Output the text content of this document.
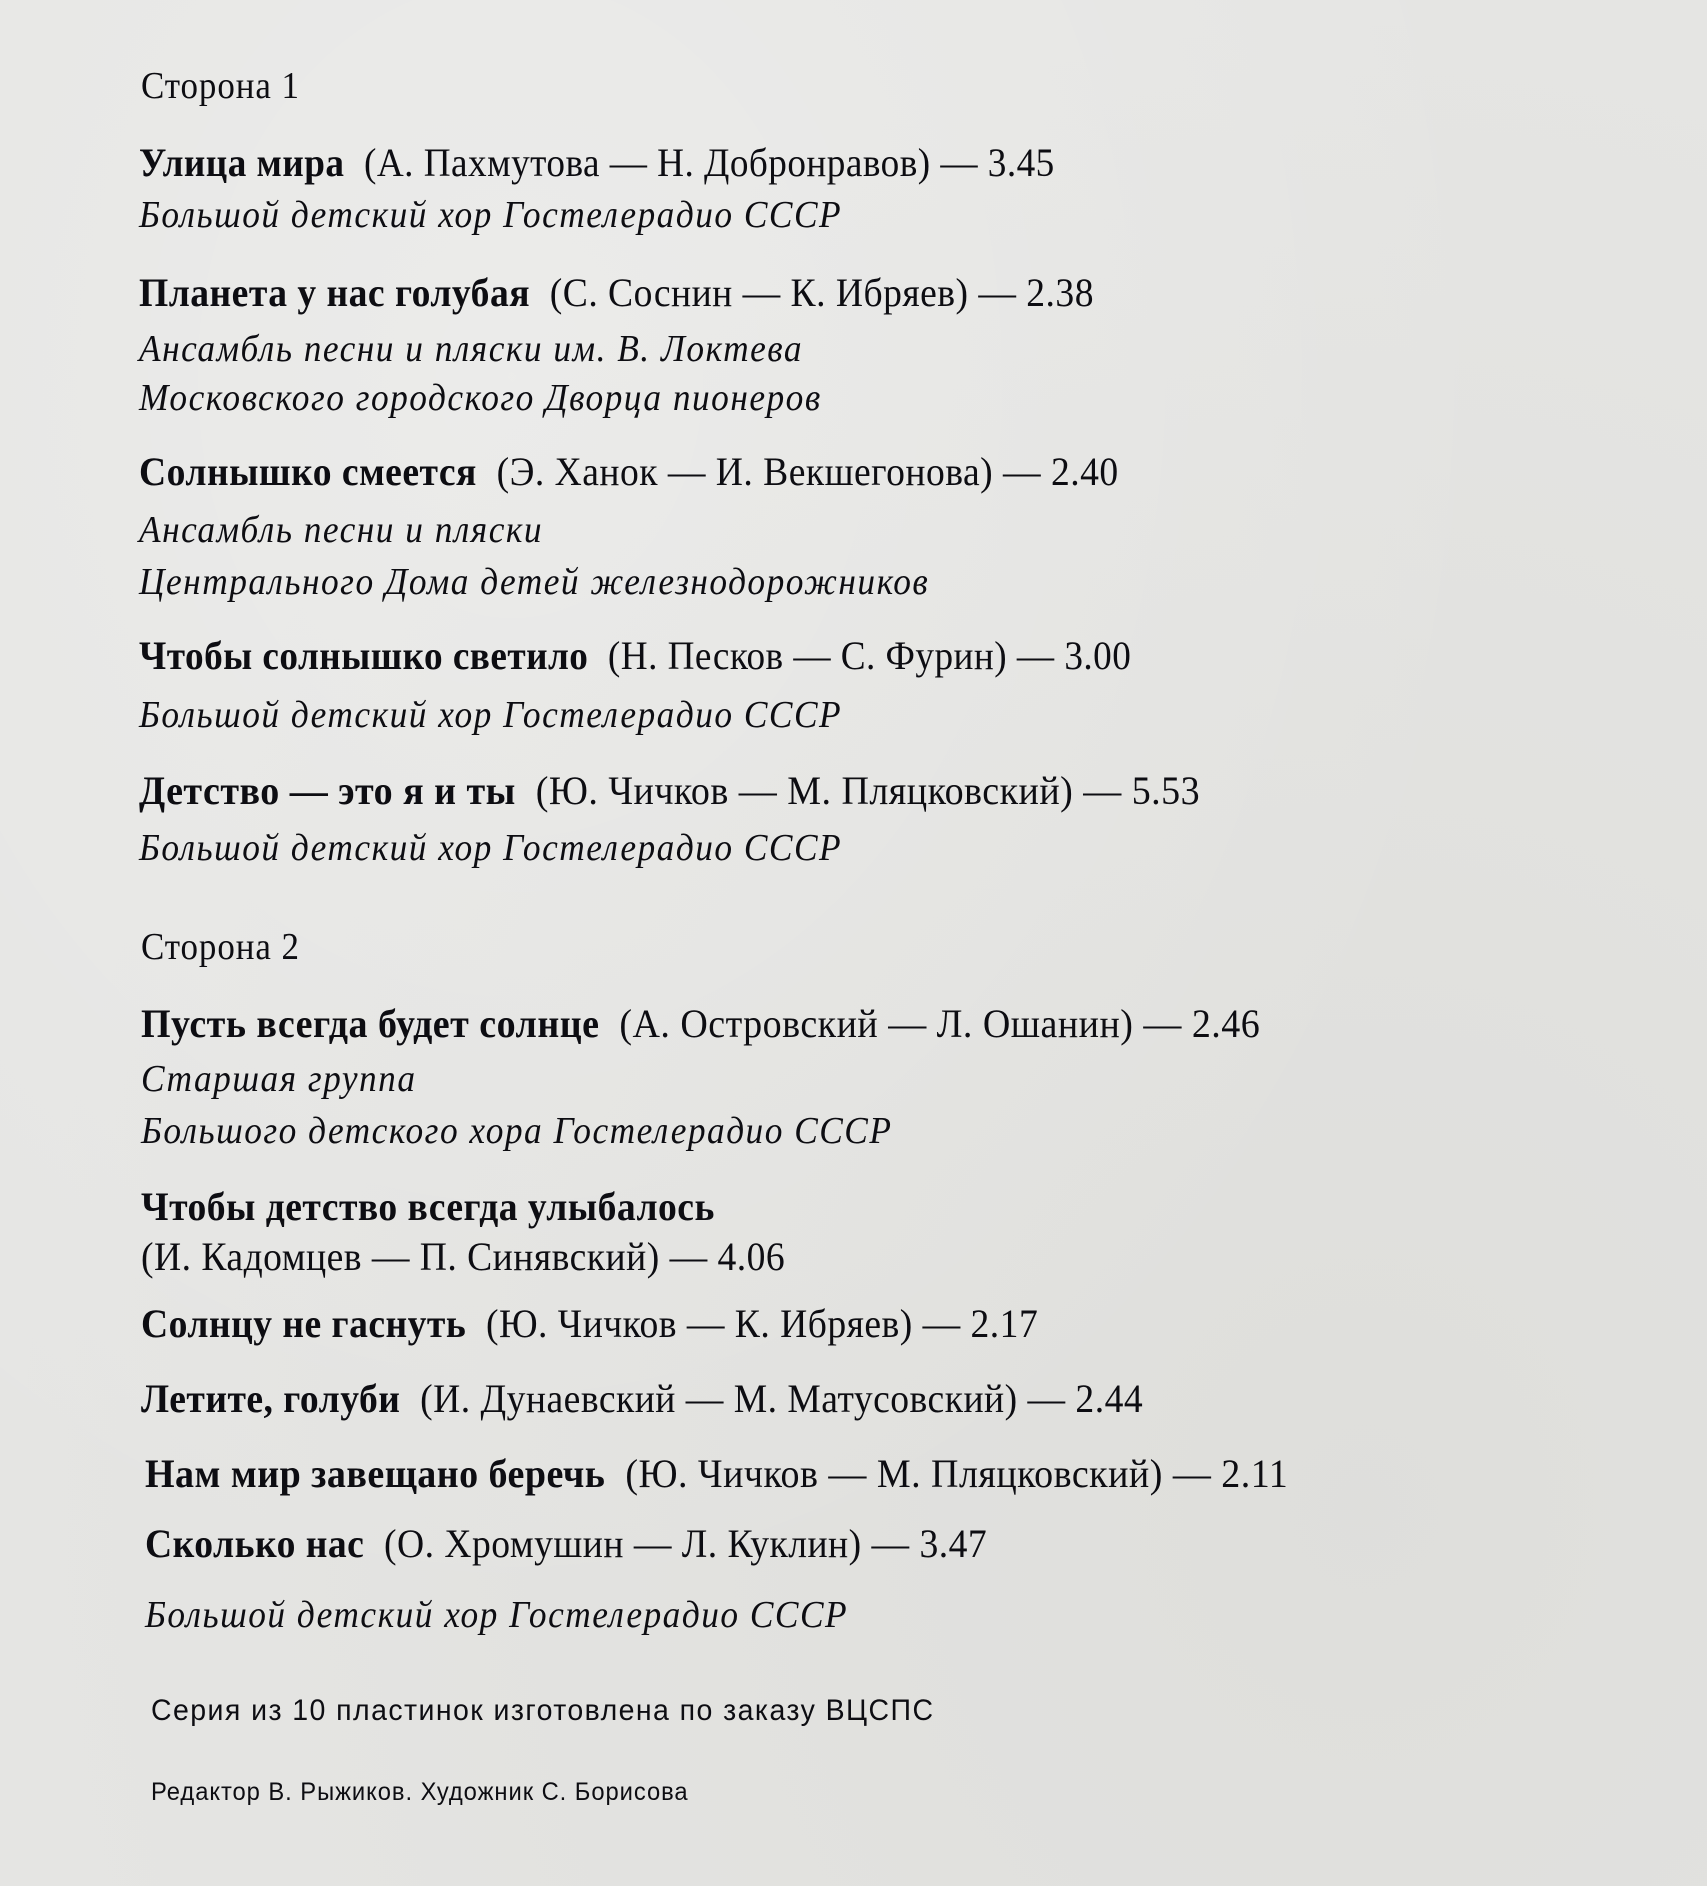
Сторона 1
Улица мира (А. Пахмутова — Н. Добронравов) — 3.45
Большой детский хор Гостелерадио СССР
Планета у нас голубая (С. Соснин — К. Ибряев) — 2.38
Ансамбль песни и пляски им. В. Локтева
Московского городского Дворца пионеров
Солнышко смеется (Э. Ханок — И. Векшегонова) — 2.40
Ансамбль песни и пляски
Центрального Дома детей железнодорожников
Чтобы солнышко светило (Н. Песков — С. Фурин) — 3.00
Большой детский хор Гостелерадио СССР
Детство — это я и ты (Ю. Чичков — М. Пляцковский) — 5.53
Большой детский хор Гостелерадио СССР
Сторона 2
Пусть всегда будет солнце (А. Островский — Л. Ошанин) — 2.46
Старшая группа
Большого детского хора Гостелерадио СССР
Чтобы детство всегда улыбалось
(И. Кадомцев — П. Синявский) — 4.06
Солнцу не гаснуть (Ю. Чичков — К. Ибряев) — 2.17
Летите, голуби (И. Дунаевский — М. Матусовский) — 2.44
Нам мир завещано беречь (Ю. Чичков — М. Пляцковский) — 2.11
Сколько нас (О. Хромушин — Л. Куклин) — 3.47
Большой детский хор Гостелерадио СССР
Серия из 10 пластинок изготовлена по заказу ВЦСПС
Редактор В. Рыжиков. Художник С. Борисова
